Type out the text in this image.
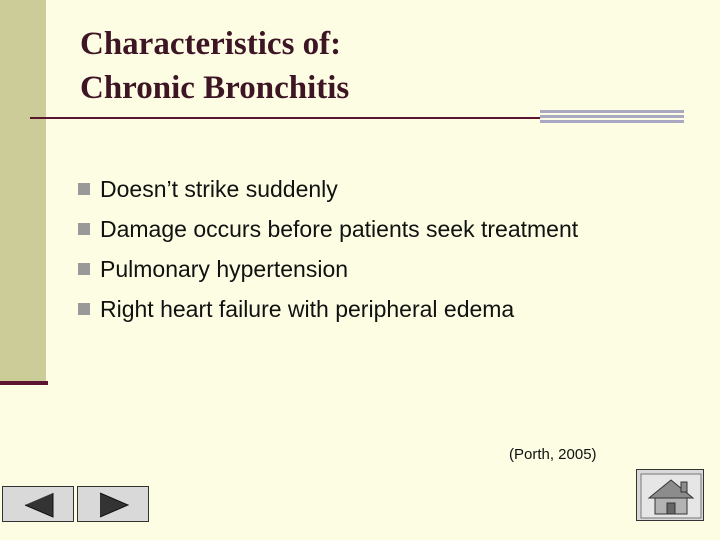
Characteristics of:
Chronic Bronchitis
Doesn’t strike suddenly
Damage occurs before patients seek treatment
Pulmonary hypertension
Right heart failure with peripheral edema
(Porth, 2005)
